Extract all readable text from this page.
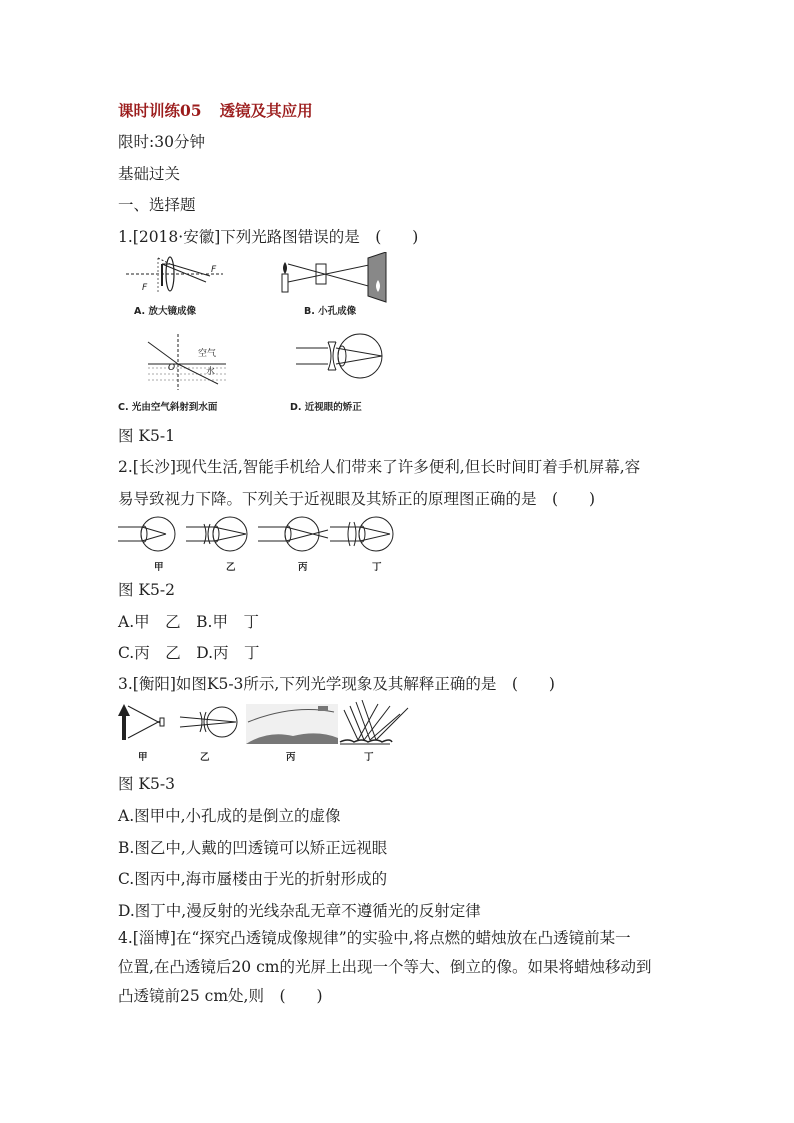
课时训练05 透镜及其应用
限时:30分钟
基础过关
一、选择题
1.[2018·安徽]下列光路图错误的是　(　　)
F
F
A. 放大镜成像	B. 小孔成像
空气
水
O
C. 光由空气斜射到水面	D. 近视眼的矫正
图 K5-1
2.[长沙]现代生活,智能手机给人们带来了许多便利,但长时间盯着手机屏幕,容
易导致视力下降。下列关于近视眼及其矫正的原理图正确的是　(　　)
甲	乙	丙	丁
图 K5-2
A.甲　乙　B.甲　丁
C.丙　乙　D.丙　丁
3.[衡阳]如图K5-3所示,下列光学现象及其解释正确的是　(　　)
甲	乙	丙	丁
图 K5-3
A.图甲中,小孔成的是倒立的虚像
B.图乙中,人戴的凹透镜可以矫正远视眼
C.图丙中,海市蜃楼由于光的折射形成的
D.图丁中,漫反射的光线杂乱无章不遵循光的反射定律
4.[淄博]在“探究凸透镜成像规律”的实验中,将点燃的蜡烛放在凸透镜前某一
位置,在凸透镜后20 cm的光屏上出现一个等大、倒立的像。如果将蜡烛移动到
凸透镜前25 cm处,则　(　　)
